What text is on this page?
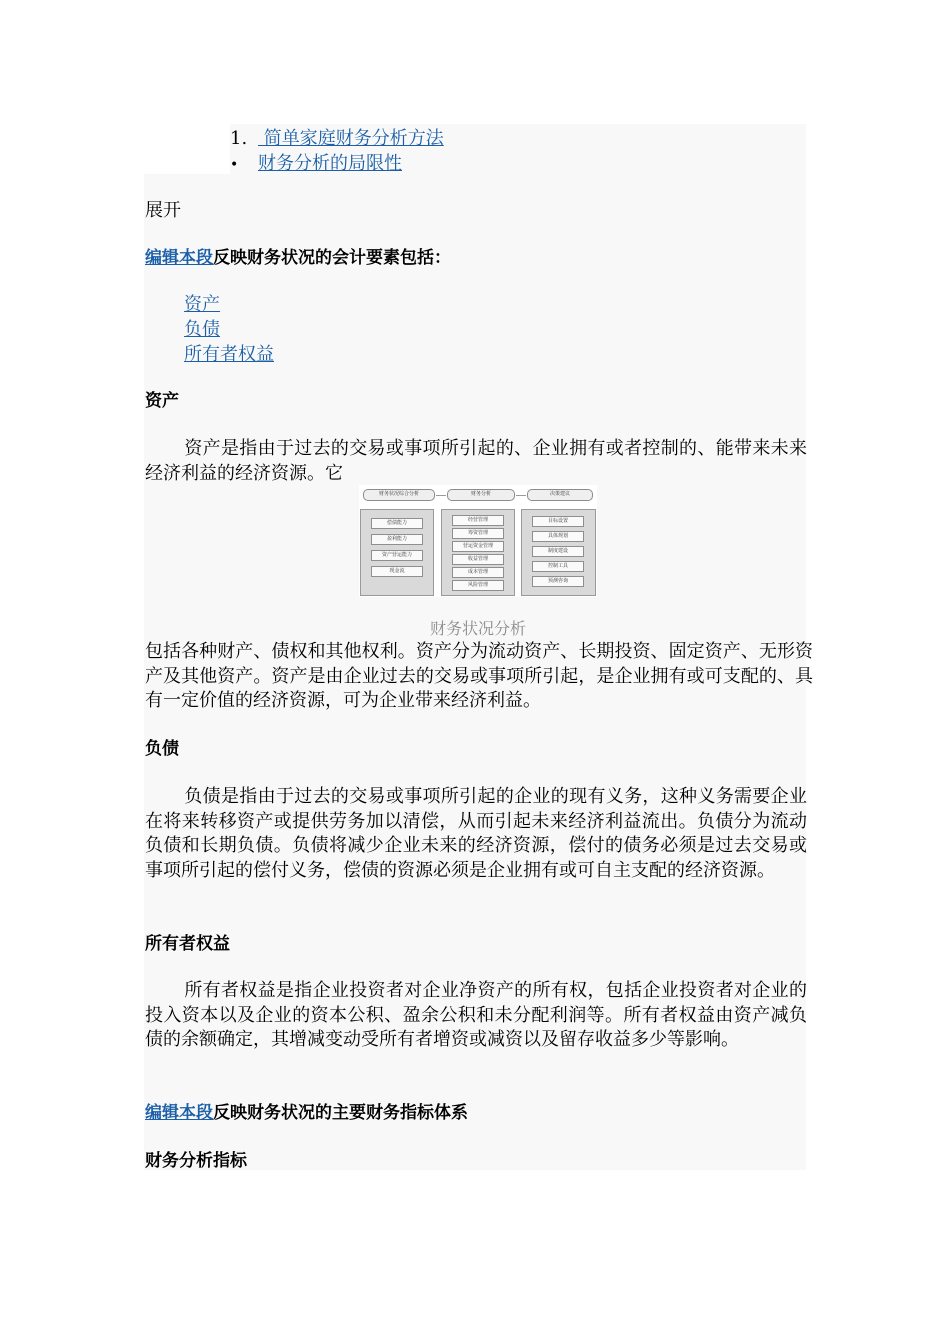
1. 简单家庭财务分析方法
• 财务分析的局限性
展开
编辑本段反映财务状况的会计要素包括：
资产
负债
所有者权益
资产
资产是指由于过去的交易或事项所引起的、企业拥有或者控制的、能带来未来经济利益的经济资源。它
财务状况综合分析	财务分析	决策建议
偿债能力
盈利能力
资产营运能力
现金流
经营管理
筹资管理
营运资金管理
收益管理
成本管理
风险管理
目标设置
具体规划
制度建设
控制工具
预测咨询
财务状况分析
包括各种财产、债权和其他权利。资产分为流动资产、长期投资、固定资产、无形资产及其他资产。资产是由企业过去的交易或事项所引起，是企业拥有或可支配的、具有一定价值的经济资源，可为企业带来经济利益。
负债
负债是指由于过去的交易或事项所引起的企业的现有义务，这种义务需要企业在将来转移资产或提供劳务加以清偿，从而引起未来经济利益流出。负债分为流动负债和长期负债。负债将减少企业未来的经济资源，偿付的债务必须是过去交易或事项所引起的偿付义务，偿债的资源必须是企业拥有或可自主支配的经济资源。
所有者权益
所有者权益是指企业投资者对企业净资产的所有权，包括企业投资者对企业的投入资本以及企业的资本公积、盈余公积和未分配利润等。所有者权益由资产减负债的余额确定，其增减变动受所有者增资或减资以及留存收益多少等影响。
编辑本段反映财务状况的主要财务指标体系
财务分析指标
